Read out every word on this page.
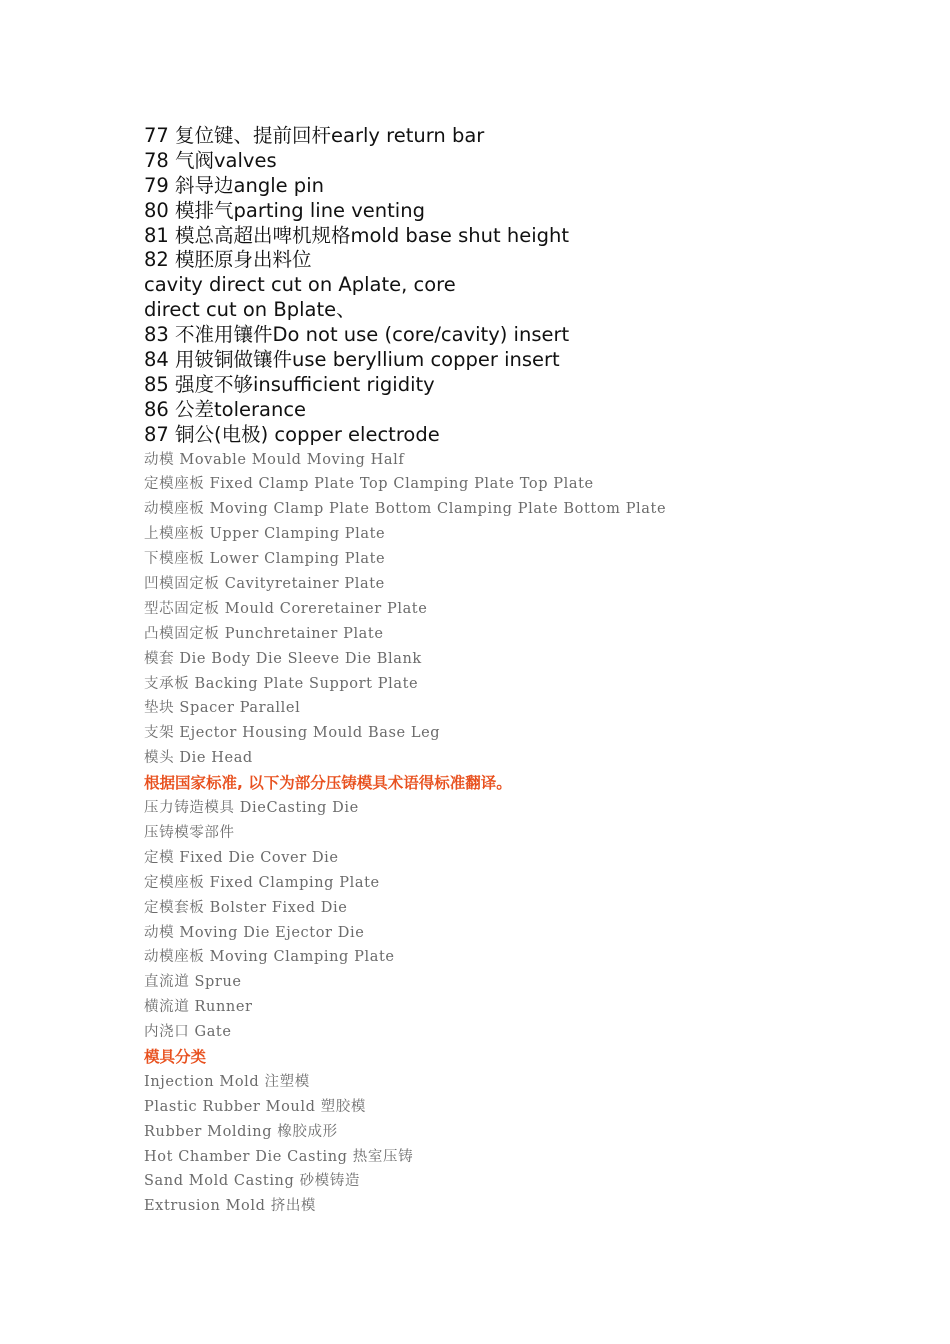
77 复位键、提前回杆early return bar
78 气阀valves
79 斜导边angle pin
80 模排气parting line venting
81 模总高超出啤机规格mold base shut height
82 模胚原身出料位
cavity direct cut on Aplate, core
direct cut on Bplate、
83 不准用镶件Do not use (core/cavity) insert
84 用铍铜做镶件use beryllium copper insert
85 强度不够insufficient rigidity
86 公差tolerance
87 铜公(电极) copper electrode
动模 Movable Mould Moving Half
定模座板 Fixed Clamp Plate Top Clamping Plate Top Plate
动模座板 Moving Clamp Plate Bottom Clamping Plate Bottom Plate
上模座板 Upper Clamping Plate
下模座板 Lower Clamping Plate
凹模固定板 Cavityretainer Plate
型芯固定板 Mould Coreretainer Plate
凸模固定板 Punchretainer Plate
模套 Die Body Die Sleeve Die Blank
支承板 Backing Plate Support Plate
垫块 Spacer Parallel
支架 Ejector Housing Mould Base Leg
模头 Die Head
根据国家标准, 以下为部分压铸模具术语得标准翻译。
压力铸造模具 DieCasting Die
压铸模零部件
定模 Fixed Die Cover Die
定模座板 Fixed Clamping Plate
定模套板 Bolster Fixed Die
动模 Moving Die Ejector Die
动模座板 Moving Clamping Plate
直流道 Sprue
横流道 Runner
内浇口 Gate
模具分类
Injection Mold 注塑模
Plastic Rubber Mould 塑胶模
Rubber Molding 橡胶成形
Hot Chamber Die Casting 热室压铸
Sand Mold Casting 砂模铸造
Extrusion Mold 挤出模
